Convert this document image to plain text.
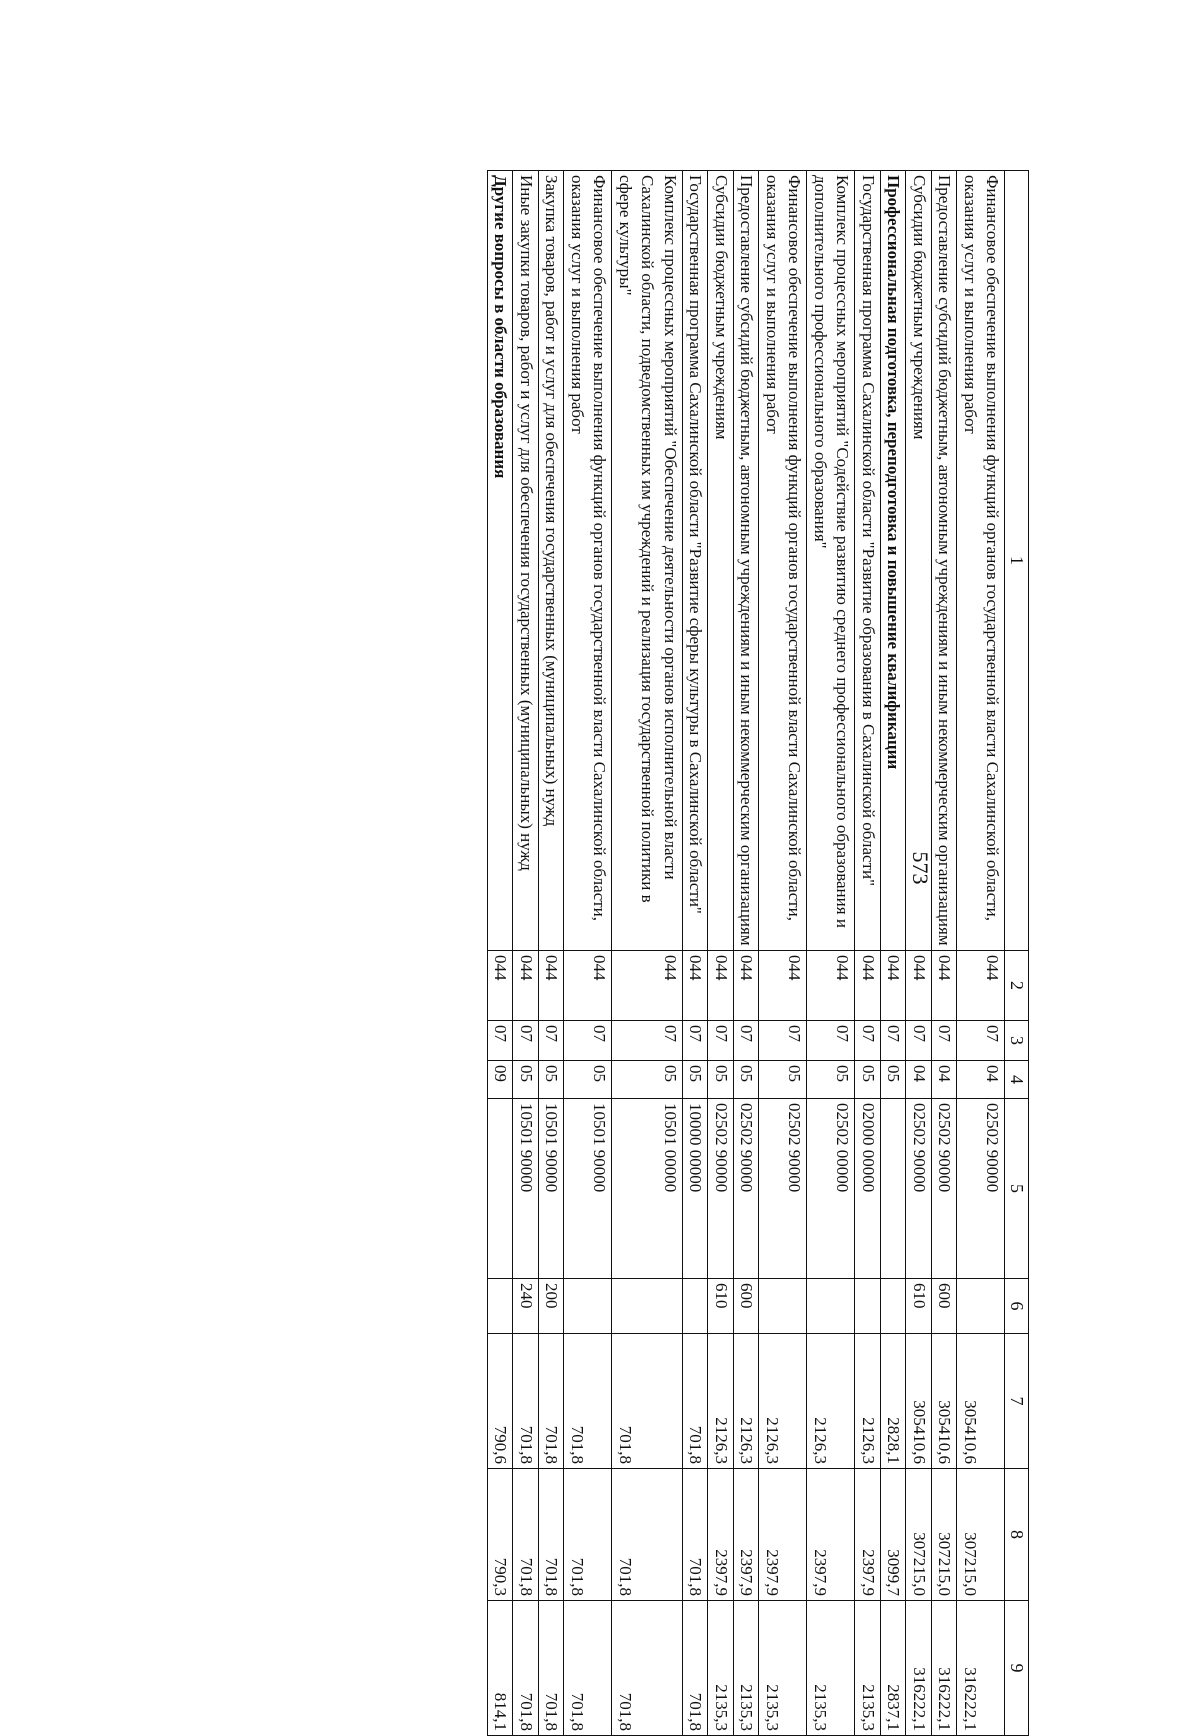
573
1	2	3	4	5	6	7	8	9
Финансовое обеспечение выполнения функций органов государственной власти Сахалинской области, оказания услуг и выполнения работ	044	07	04	02502 90000		305410,6	307215,0	316222,1
Предоставление субсидий бюджетным, автономным учреждениям и иным некоммерческим организациям	044	07	04	02502 90000	600	305410,6	307215,0	316222,1
Субсидии бюджетным учреждениям	044	07	04	02502 90000	610	305410,6	307215,0	316222,1
Профессиональная подготовка, переподготовка и повышение квалификации	044	07	05			2828,1	3099,7	2837,1
Государственная программа Сахалинской области "Развитие образования в Сахалинской области"	044	07	05	02000 00000		2126,3	2397,9	2135,3
Комплекс процессных мероприятий "Содействие развитию среднего профессионального образования и дополнительного профессионального образования"	044	07	05	02502 00000		2126,3	2397,9	2135,3
Финансовое обеспечение выполнения функций органов государственной власти Сахалинской области, оказания услуг и выполнения работ	044	07	05	02502 90000		2126,3	2397,9	2135,3
Предоставление субсидий бюджетным, автономным учреждениям и иным некоммерческим организациям	044	07	05	02502 90000	600	2126,3	2397,9	2135,3
Субсидии бюджетным учреждениям	044	07	05	02502 90000	610	2126,3	2397,9	2135,3
Государственная программа Сахалинской области "Развитие сферы культуры в Сахалинской области"	044	07	05	10000 00000		701,8	701,8	701,8
Комплекс процессных мероприятий "Обеспечение деятельности органов исполнительной власти Сахалинской области, подведомственных им учреждений и реализация государственной политики в сфере культуры"	044	07	05	10501 00000		701,8	701,8	701,8
Финансовое обеспечение выполнения функций органов государственной власти Сахалинской области, оказания услуг и выполнения работ	044	07	05	10501 90000		701,8	701,8	701,8
Закупка товаров, работ и услуг для обеспечения государственных (муниципальных) нужд	044	07	05	10501 90000	200	701,8	701,8	701,8
Иные закупки товаров, работ и услуг для обеспечения государственных (муниципальных) нужд	044	07	05	10501 90000	240	701,8	701,8	701,8
Другие вопросы в области образования	044	07	09			790,6	790,3	814,1
